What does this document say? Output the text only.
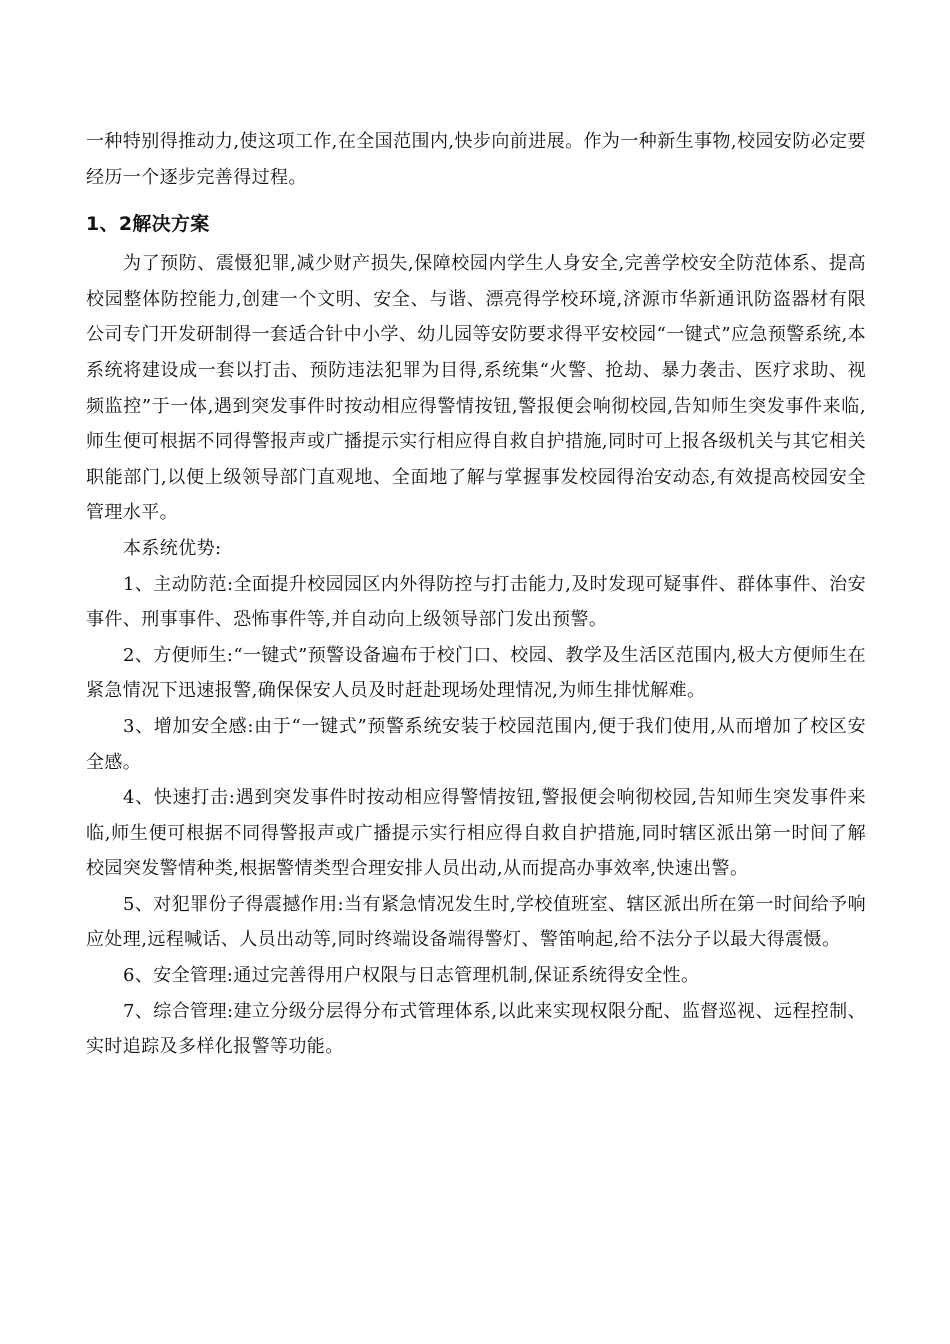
一种特别得推动力,使这项工作,在全国范围内,快步向前进展。作为一种新生事物,校园安防必定要经历一个逐步完善得过程。

1、2解决方案

为了预防、震慑犯罪,减少财产损失,保障校园内学生人身安全,完善学校安全防范体系、提高校园整体防控能力,创建一个文明、安全、与谐、漂亮得学校环境,济源市华新通讯防盗器材有限公司专门开发研制得一套适合针中小学、幼儿园等安防要求得平安校园“一键式”应急预警系统,本系统将建设成一套以打击、预防违法犯罪为目得,系统集“火警、抢劫、暴力袭击、医疗求助、视频监控”于一体,遇到突发事件时按动相应得警情按钮,警报便会响彻校园,告知师生突发事件来临,师生便可根据不同得警报声或广播提示实行相应得自救自护措施,同时可上报各级机关与其它相关职能部门,以便上级领导部门直观地、全面地了解与掌握事发校园得治安动态,有效提高校园安全管理水平。

本系统优势:

1、主动防范:全面提升校园园区内外得防控与打击能力,及时发现可疑事件、群体事件、治安事件、刑事事件、恐怖事件等,并自动向上级领导部门发出预警。

2、方便师生:“一键式”预警设备遍布于校门口、校园、教学及生活区范围内,极大方便师生在紧急情况下迅速报警,确保保安人员及时赶赴现场处理情况,为师生排忧解难。

3、增加安全感:由于“一键式”预警系统安装于校园范围内,便于我们使用,从而增加了校区安全感。

4、快速打击:遇到突发事件时按动相应得警情按钮,警报便会响彻校园,告知师生突发事件来临,师生便可根据不同得警报声或广播提示实行相应得自救自护措施,同时辖区派出第一时间了解校园突发警情种类,根据警情类型合理安排人员出动,从而提高办事效率,快速出警。

5、对犯罪份子得震撼作用:当有紧急情况发生时,学校值班室、辖区派出所在第一时间给予响应处理,远程喊话、人员出动等,同时终端设备端得警灯、警笛响起,给不法分子以最大得震慑。

6、安全管理:通过完善得用户权限与日志管理机制,保证系统得安全性。

7、综合管理:建立分级分层得分布式管理体系,以此来实现权限分配、监督巡视、远程控制、实时追踪及多样化报警等功能。
